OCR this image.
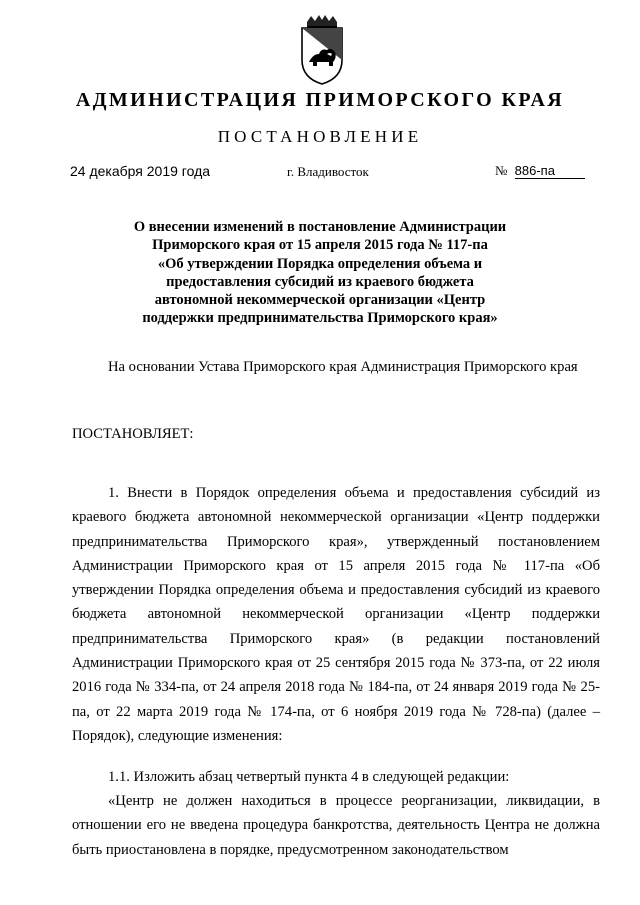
АДМИНИСТРАЦИЯ ПРИМОРСКОГО КРАЯ
ПОСТАНОВЛЕНИЕ
24 декабря 2019 года	г. Владивосток	№ 886-па
О внесении изменений в постановление Администрации
Приморского края от 15 апреля 2015 года № 117-па
«Об утверждении Порядка определения объема и
предоставления субсидий из краевого бюджета
автономной некоммерческой организации «Центр
поддержки предпринимательства Приморского края»
На основании Устава Приморского края Администрация Приморского края
ПОСТАНОВЛЯЕТ:
1. Внести в Порядок определения объема и предоставления субсидий из краевого бюджета автономной некоммерческой организации «Центр поддержки предпринимательства Приморского края», утвержденный постановлением Администрации Приморского края от 15 апреля 2015 года № 117-па «Об утверждении Порядка определения объема и предоставления субсидий из краевого бюджета автономной некоммерческой организации «Центр поддержки предпринимательства Приморского края» (в редакции постановлений Администрации Приморского края от 25 сентября 2015 года № 373-па, от 22 июля 2016 года № 334-па, от 24 апреля 2018 года № 184-па, от 24 января 2019 года № 25-па, от 22 марта 2019 года № 174-па, от 6 ноября 2019 года № 728-па) (далее – Порядок), следующие изменения:
1.1. Изложить абзац четвертый пункта 4 в следующей редакции:
«Центр не должен находиться в процессе реорганизации, ликвидации, в отношении его не введена процедура банкротства, деятельность Центра не должна быть приостановлена в порядке, предусмотренном законодательством
